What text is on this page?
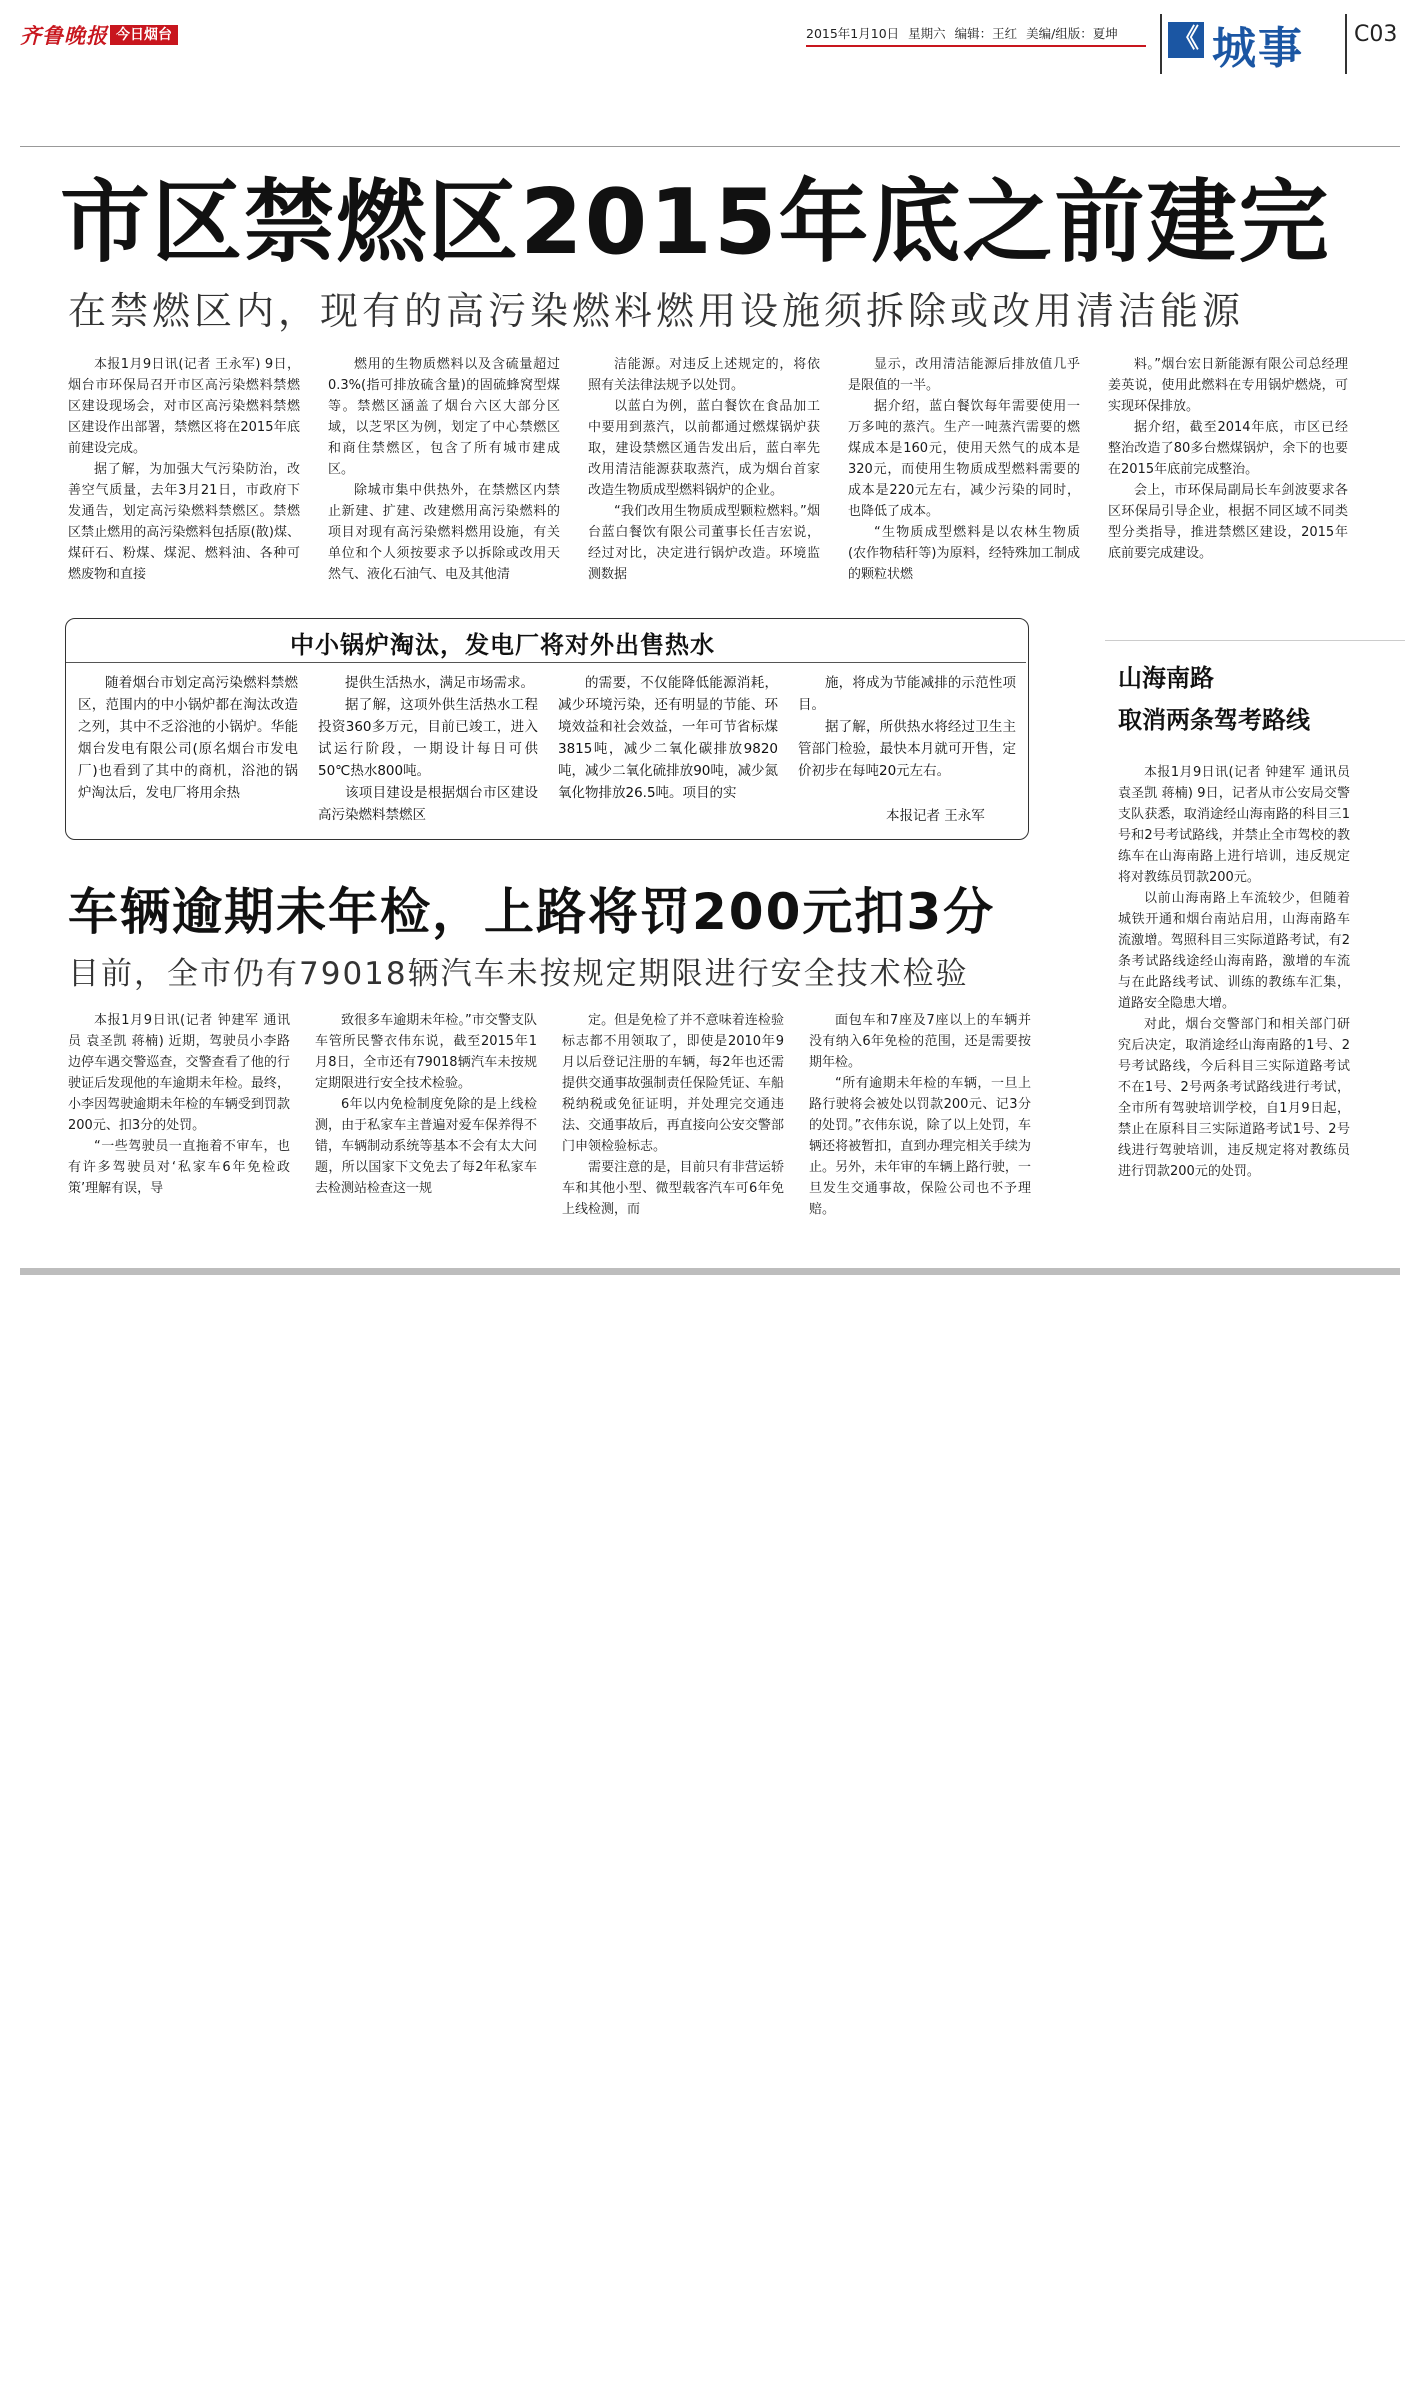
齐鲁晚报 今日烟台	2015年1月10日 星期六 编辑：王红 美编/组版：夏坤 《 城事 C03
市区禁燃区2015年底之前建完
在禁燃区内，现有的高污染燃料燃用设施须拆除或改用清洁能源

本报1月9日讯(记者 王永军) 9日，烟台市环保局召开市区高污染燃料禁燃区建设现场会，对市区高污染燃料禁燃区建设作出部署，禁燃区将在2015年底前建设完成。

据了解，为加强大气污染防治，改善空气质量，去年3月21日，市政府下发通告，划定高污染燃料禁燃区。禁燃区禁止燃用的高污染燃料包括原(散)煤、煤矸石、粉煤、煤泥、燃料油、各种可燃废物和直接

燃用的生物质燃料以及含硫量超过0.3%(指可排放硫含量)的固硫蜂窝型煤等。禁燃区涵盖了烟台六区大部分区域，以芝罘区为例，划定了中心禁燃区和商住禁燃区，包含了所有城市建成区。

除城市集中供热外，在禁燃区内禁止新建、扩建、改建燃用高污染燃料的项目对现有高污染燃料燃用设施，有关单位和个人须按要求予以拆除或改用天然气、液化石油气、电及其他清

洁能源。对违反上述规定的，将依照有关法律法规予以处罚。

以蓝白为例，蓝白餐饮在食品加工中要用到蒸汽，以前都通过燃煤锅炉获取，建设禁燃区通告发出后，蓝白率先改用清洁能源获取蒸汽，成为烟台首家改造生物质成型燃料锅炉的企业。

“我们改用生物质成型颗粒燃料。”烟台蓝白餐饮有限公司董事长任吉宏说，经过对比，决定进行锅炉改造。环境监测数据

显示，改用清洁能源后排放值几乎是限值的一半。

据介绍，蓝白餐饮每年需要使用一万多吨的蒸汽。生产一吨蒸汽需要的燃煤成本是160元，使用天然气的成本是320元，而使用生物质成型燃料需要的成本是220元左右，减少污染的同时，也降低了成本。

“生物质成型燃料是以农林生物质(农作物秸秆等)为原料，经特殊加工制成的颗粒状燃

料。”烟台宏日新能源有限公司总经理姜英说，使用此燃料在专用锅炉燃烧，可实现环保排放。

据介绍，截至2014年底，市区已经整治改造了80多台燃煤锅炉，余下的也要在2015年底前完成整治。

会上，市环保局副局长车剑波要求各区环保局引导企业，根据不同区域不同类型分类指导，推进禁燃区建设，2015年底前要完成建设。

中小锅炉淘汰，发电厂将对外出售热水

随着烟台市划定高污染燃料禁燃区，范围内的中小锅炉都在淘汰改造之列，其中不乏浴池的小锅炉。华能烟台发电有限公司(原名烟台市发电厂)也看到了其中的商机，浴池的锅炉淘汰后，发电厂将用余热

提供生活热水，满足市场需求。

据了解，这项外供生活热水工程投资360多万元，目前已竣工，进入试运行阶段，一期设计每日可供50℃热水800吨。

该项目建设是根据烟台市区建设高污染燃料禁燃区

的需要，不仅能降低能源消耗，减少环境污染，还有明显的节能、环境效益和社会效益，一年可节省标煤3815吨，减少二氧化碳排放9820吨，减少二氧化硫排放90吨，减少氮氧化物排放26.5吨。项目的实

施，将成为节能减排的示范性项目。

据了解，所供热水将经过卫生主管部门检验，最快本月就可开售，定价初步在每吨20元左右。

本报记者 王永军
车辆逾期未年检，上路将罚200元扣3分
目前，全市仍有79018辆汽车未按规定期限进行安全技术检验

本报1月9日讯(记者 钟建军 通讯员 袁圣凯 蒋楠) 近期，驾驶员小李路边停车遇交警巡查，交警查看了他的行驶证后发现他的车逾期未年检。最终，小李因驾驶逾期未年检的车辆受到罚款200元、扣3分的处罚。

“一些驾驶员一直拖着不审车，也有许多驾驶员对‘私家车6年免检政策’理解有误，导

致很多车逾期未年检。”市交警支队车管所民警衣伟东说，截至2015年1月8日，全市还有79018辆汽车未按规定期限进行安全技术检验。

6年以内免检制度免除的是上线检测，由于私家车主普遍对爱车保养得不错，车辆制动系统等基本不会有太大问题，所以国家下文免去了每2年私家车去检测站检查这一规

定。但是免检了并不意味着连检验标志都不用领取了，即使是2010年9月以后登记注册的车辆，每2年也还需提供交通事故强制责任保险凭证、车船税纳税或免征证明，并处理完交通违法、交通事故后，再直接向公安交警部门申领检验标志。

需要注意的是，目前只有非营运轿车和其他小型、微型载客汽车可6年免上线检测，而

面包车和7座及7座以上的车辆并没有纳入6年免检的范围，还是需要按期年检。

“所有逾期未年检的车辆，一旦上路行驶将会被处以罚款200元、记3分的处罚。”衣伟东说，除了以上处罚，车辆还将被暂扣，直到办理完相关手续为止。另外，未年审的车辆上路行驶，一旦发生交通事故，保险公司也不予理赔。

山海南路
取消两条驾考路线

本报1月9日讯(记者 钟建军 通讯员 袁圣凯 蒋楠) 9日，记者从市公安局交警支队获悉，取消途经山海南路的科目三1号和2号考试路线，并禁止全市驾校的教练车在山海南路上进行培训，违反规定将对教练员罚款200元。

以前山海南路上车流较少，但随着城铁开通和烟台南站启用，山海南路车流激增。驾照科目三实际道路考试，有2条考试路线途经山海南路，激增的车流与在此路线考试、训练的教练车汇集，道路安全隐患大增。

对此，烟台交警部门和相关部门研究后决定，取消途经山海南路的1号、2号考试路线，今后科目三实际道路考试不在1号、2号两条考试路线进行考试，全市所有驾驶培训学校，自1月9日起，禁止在原科目三实际道路考试1号、2号线进行驾驶培训，违反规定将对教练员进行罚款200元的处罚。
